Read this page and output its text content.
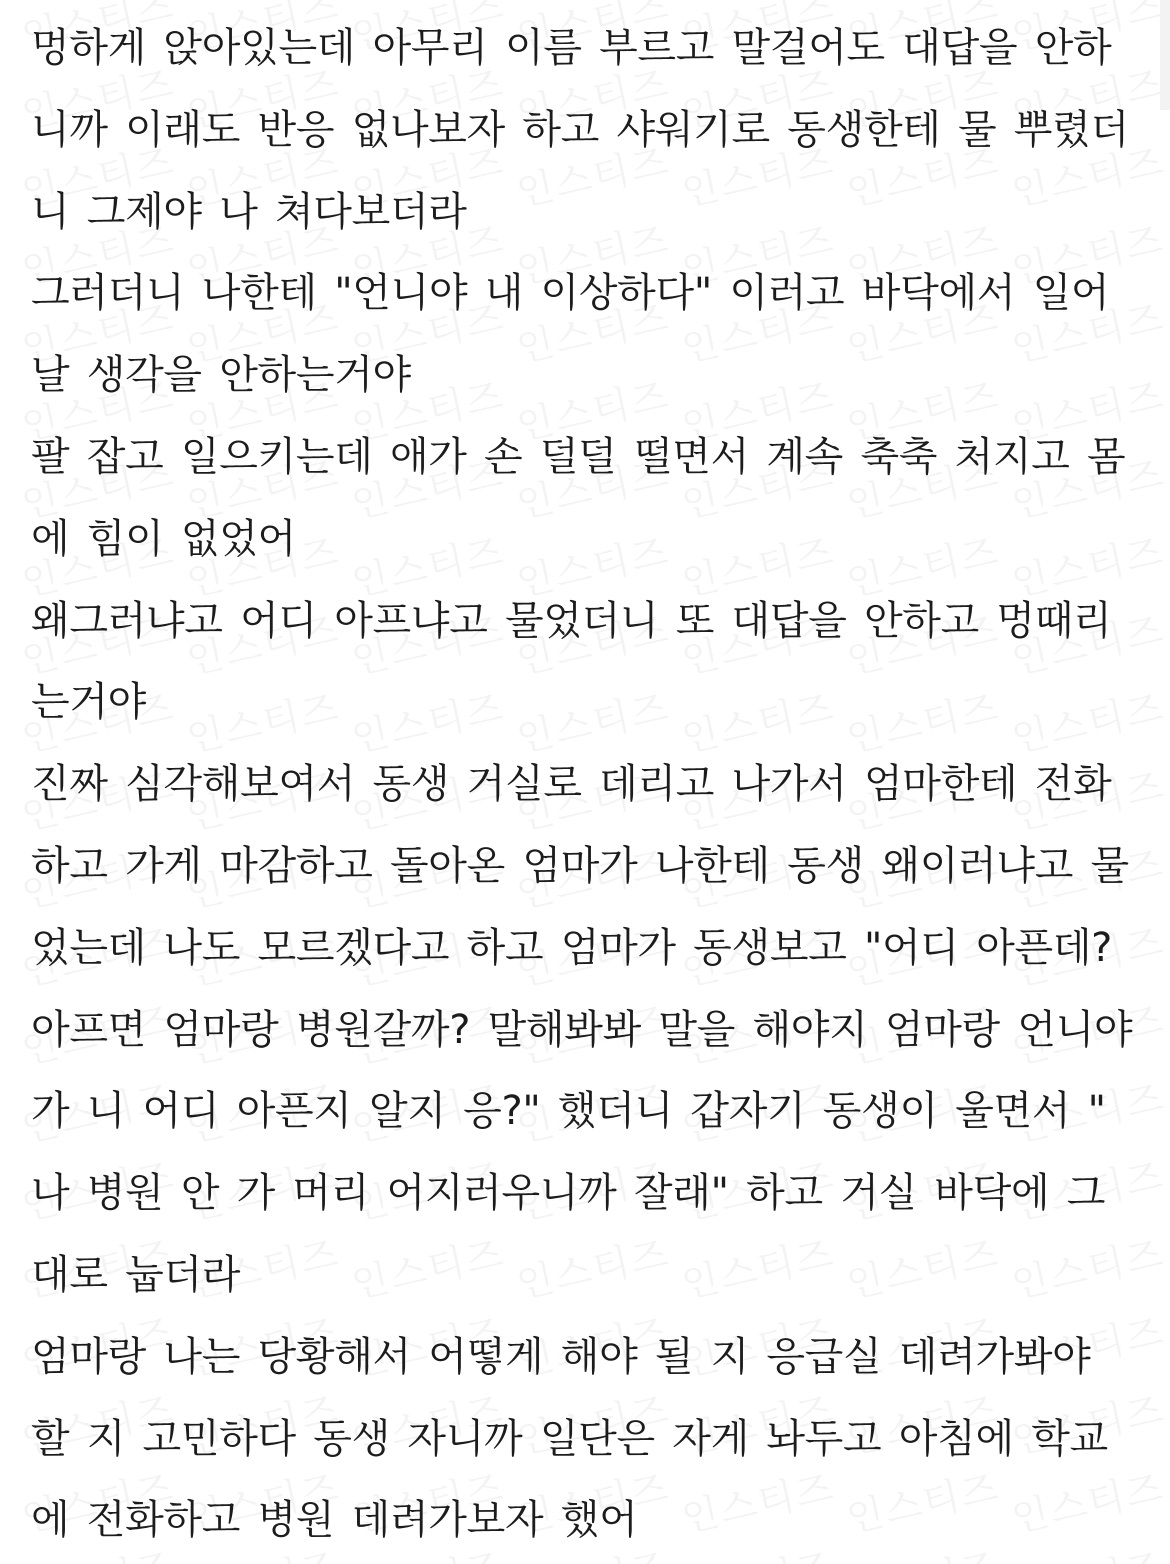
멍하게 앉아있는데 아무리 이름 부르고 말걸어도 대답을 안하
니까 이래도 반응 없나보자 하고 샤워기로 동생한테 물 뿌렸더
니 그제야 나 쳐다보더라
그러더니 나한테 "언니야 내 이상하다" 이러고 바닥에서 일어
날 생각을 안하는거야
팔 잡고 일으키는데 애가 손 덜덜 떨면서 계속 축축 처지고 몸
에 힘이 없었어
왜그러냐고 어디 아프냐고 물었더니 또 대답을 안하고 멍때리
는거야
진짜 심각해보여서 동생 거실로 데리고 나가서 엄마한테 전화
하고 가게 마감하고 돌아온 엄마가 나한테 동생 왜이러냐고 물
었는데 나도 모르겠다고 하고 엄마가 동생보고 "어디 아픈데?
아프면 엄마랑 병원갈까? 말해봐봐 말을 해야지 엄마랑 언니야
가 니 어디 아픈지 알지 응?" 했더니 갑자기 동생이 울면서 "
나 병원 안 가 머리 어지러우니까 잘래" 하고 거실 바닥에 그
대로 눕더라
엄마랑 나는 당황해서 어떻게 해야 될 지 응급실 데려가봐야
할 지 고민하다 동생 자니까 일단은 자게 놔두고 아침에 학교
에 전화하고 병원 데려가보자 했어
